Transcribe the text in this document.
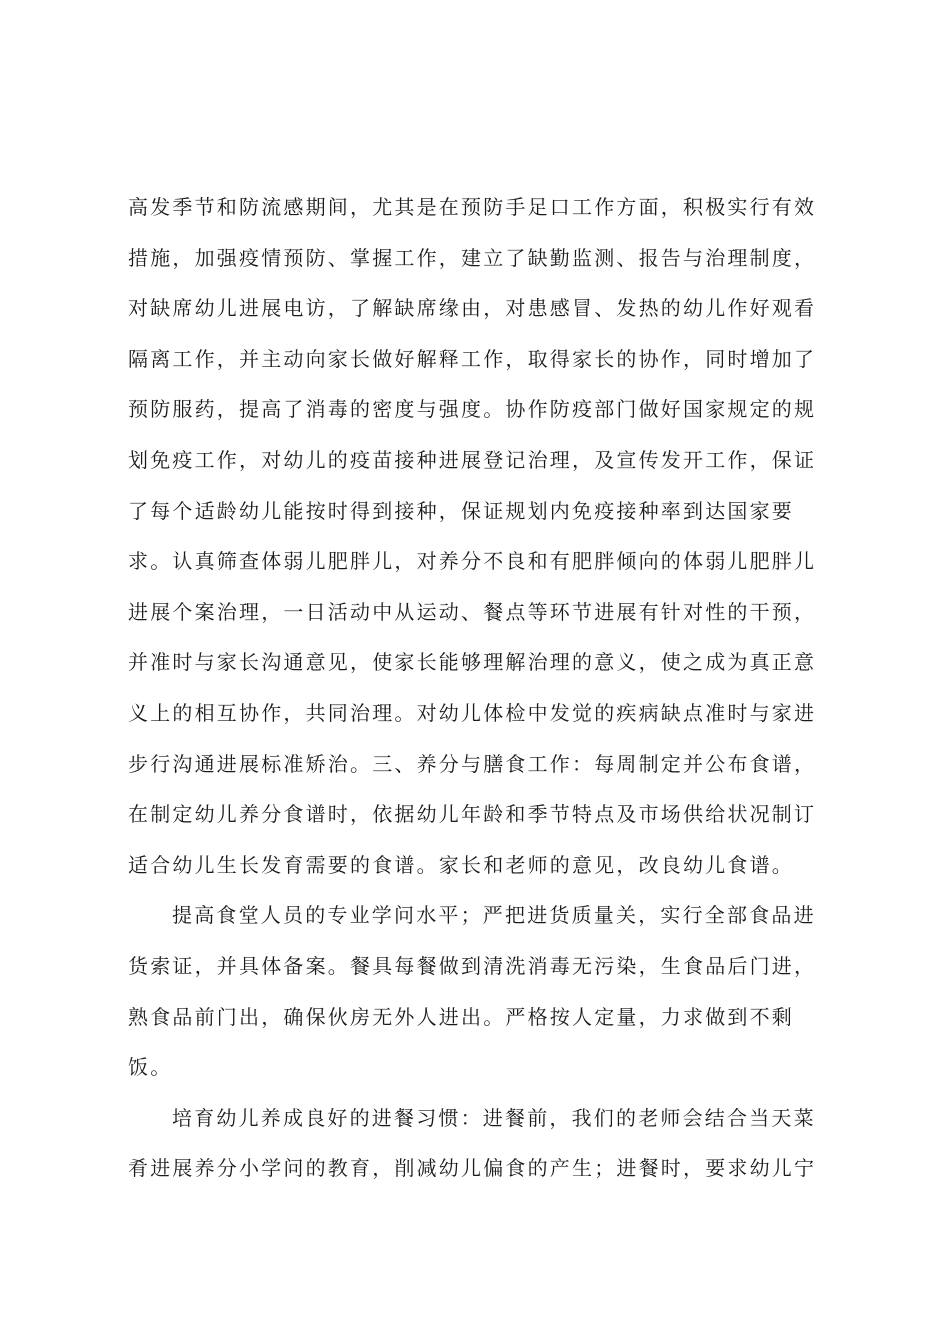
高发季节和防流感期间，尤其是在预防手足口工作方面，积极实行有效
措施，加强疫情预防、掌握工作，建立了缺勤监测、报告与治理制度，
对缺席幼儿进展电访，了解缺席缘由，对患感冒、发热的幼儿作好观看
隔离工作，并主动向家长做好解释工作，取得家长的协作，同时增加了
预防服药，提高了消毒的密度与强度。协作防疫部门做好国家规定的规
划免疫工作，对幼儿的疫苗接种进展登记治理，及宣传发开工作，保证
了每个适龄幼儿能按时得到接种，保证规划内免疫接种率到达国家要
求。认真筛查体弱儿肥胖儿，对养分不良和有肥胖倾向的体弱儿肥胖儿
进展个案治理，一日活动中从运动、餐点等环节进展有针对性的干预，
并准时与家长沟通意见，使家长能够理解治理的意义，使之成为真正意
义上的相互协作，共同治理。对幼儿体检中发觉的疾病缺点准时与家进
步行沟通进展标准矫治。三、养分与膳食工作：每周制定并公布食谱，
在制定幼儿养分食谱时，依据幼儿年龄和季节特点及市场供给状况制订
适合幼儿生长发育需要的食谱。家长和老师的意见，改良幼儿食谱。
提高食堂人员的专业学问水平；严把进货质量关，实行全部食品进
货索证，并具体备案。餐具每餐做到清洗消毒无污染，生食品后门进，
熟食品前门出，确保伙房无外人进出。严格按人定量，力求做到不剩
饭。
培育幼儿养成良好的进餐习惯：进餐前，我们的老师会结合当天菜
肴进展养分小学问的教育，削减幼儿偏食的产生；进餐时，要求幼儿宁
